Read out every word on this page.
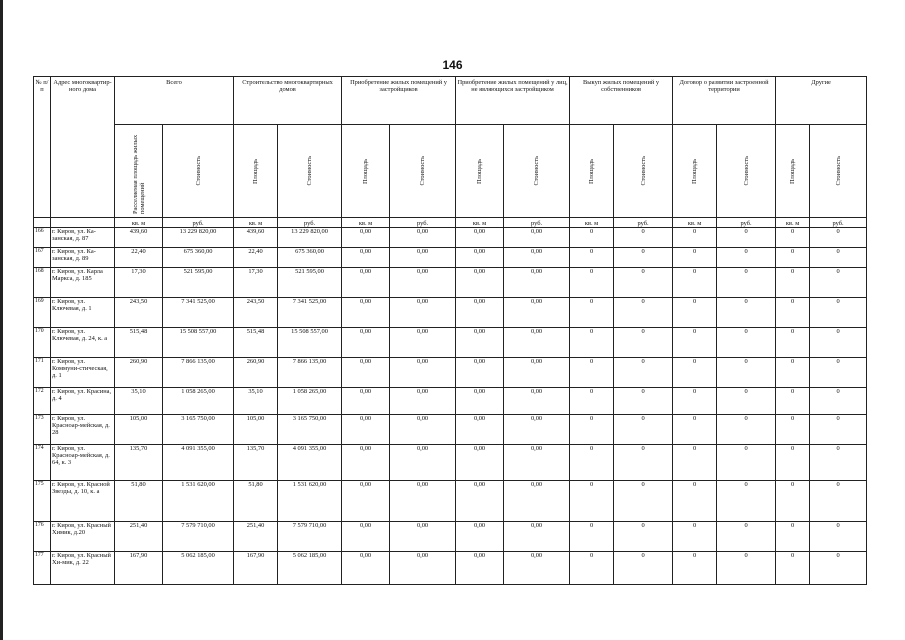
146
№ п/п	Адрес многоквартир-ного дома	Всего		Строительство многоквартирных домов		Приобретение жилых помещений у застройщиков		Приобретение жилых помещений у лиц, не являющихся застройщиком		Выкуп жилых помещений у собственников		Договор о развитии застроенной территории		Другие	
		Расселяемая площадь жилых помещений	Стоимость	Площадь	Стоимость	Площадь	Стоимость	Площадь	Стоимость	Площадь	Стоимость	Площадь	Стоимость	Площадь	Стоимость
		кв. м	руб.	кв. м	руб.	кв. м	руб.	кв. м	руб.	кв. м	руб.	кв. м	руб.	кв. м	руб.
166	г. Киров, ул. Ка-занская, д. 87	439,60	13 229 820,00	439,60	13 229 820,00	0,00	0,00	0,00	0,00	0	0	0	0	0	0
167	г. Киров, ул. Ка-занская, д. 89	22,40	675 360,00	22,40	675 360,00	0,00	0,00	0,00	0,00	0	0	0	0	0	0
168	г. Киров, ул. Карла Маркса, д. 185	17,30	521 595,00	17,30	521 595,00	0,00	0,00	0,00	0,00	0	0	0	0	0	0
169	г. Киров, ул. Ключевая, д. 1	243,50	7 341 525,00	243,50	7 341 525,00	0,00	0,00	0,00	0,00	0	0	0	0	0	0
170	г. Киров, ул. Ключевая, д. 24, к. а	515,48	15 508 557,00	515,48	15 508 557,00	0,00	0,00	0,00	0,00	0	0	0	0	0	0
171	г. Киров, ул. Коммуни-стическая, д. 1	260,90	7 866 135,00	260,90	7 866 135,00	0,00	0,00	0,00	0,00	0	0	0	0	0	0
172	г. Киров, ул. Красина, д. 4	35,10	1 058 265,00	35,10	1 058 265,00	0,00	0,00	0,00	0,00	0	0	0	0	0	0
173	г. Киров, ул. Красноар-мейская, д. 28	105,00	3 165 750,00	105,00	3 165 750,00	0,00	0,00	0,00	0,00	0	0	0	0	0	0
174	г. Киров, ул. Красноар-мейская, д. 64, к. 3	135,70	4 091 355,00	135,70	4 091 355,00	0,00	0,00	0,00	0,00	0	0	0	0	0	0
175	г. Киров, ул. Красной Звезды, д. 10, к. а	51,80	1 531 620,00	51,80	1 531 620,00	0,00	0,00	0,00	0,00	0	0	0	0	0	0
176	г. Киров, ул. Красный Химик, д.20	251,40	7 579 710,00	251,40	7 579 710,00	0,00	0,00	0,00	0,00	0	0	0	0	0	0
177	г. Киров, ул. Красный Хи-мик, д. 22	167,90	5 062 185,00	167,90	5 062 185,00	0,00	0,00	0,00	0,00	0	0	0	0	0	0
